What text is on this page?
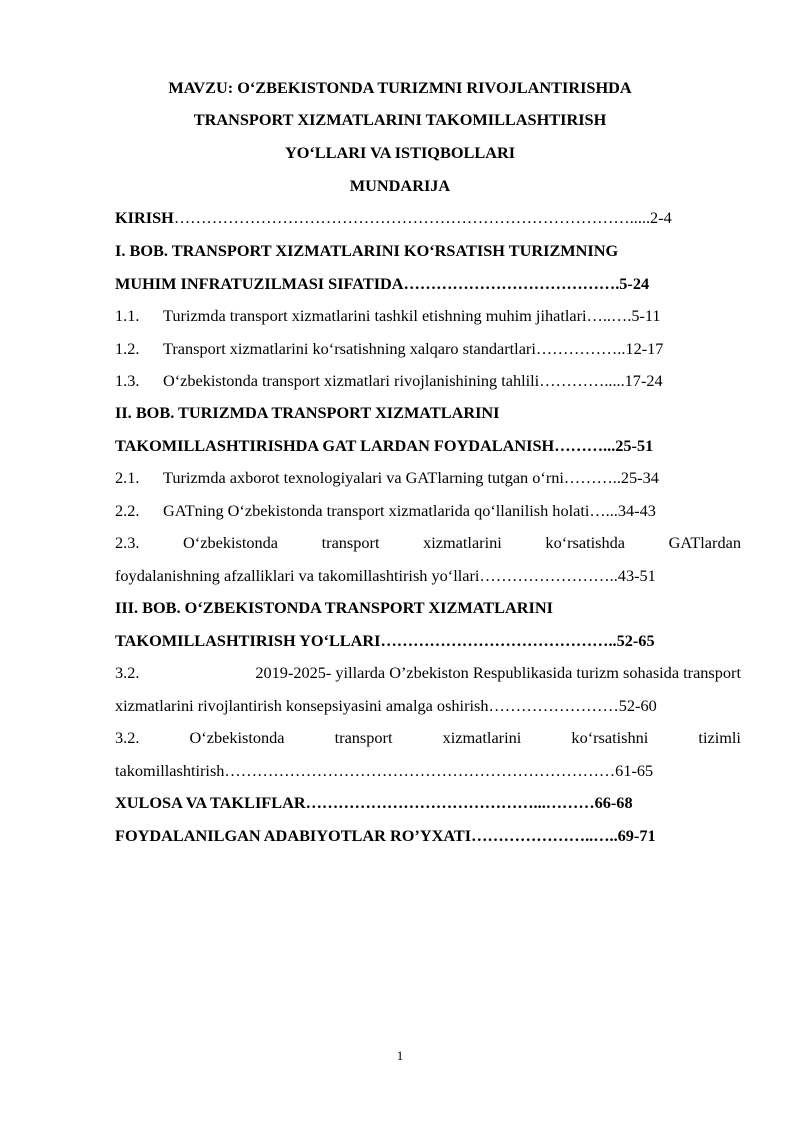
MAVZU: O‘ZBEKISTONDA TURIZMNI RIVOJLANTIRISHDA
TRANSPORT XIZMATLARINI TAKOMILLASHTIRISH
YO‘LLARI VA ISTIQBOLLARI
MUNDARIJA
KIRISH………………………………………………………………………….....2-4
I. BOB. TRANSPORT XIZMATLARINI KO‘RSATISH TURIZMNING
MUHIM INFRATUZILMASI SIFATIDA………………………………….5-24
1.1. Turizmda transport xizmatlarini tashkil etishning muhim jihatlari…..….5-11
1.2. Transport xizmatlarini ko‘rsatishning xalqaro standartlari……………..12-17
1.3. O‘zbekistonda transport xizmatlari rivojlanishining tahlili………….....17-24
II. BOB. TURIZMDA TRANSPORT XIZMATLARINI
TAKOMILLASHTIRISHDA GAT LARDAN FOYDALANISH………...25-51
2.1. Turizmda axborot texnologiyalari va GATlarning tutgan o‘rni………..25-34
2.2. GATning O‘zbekistonda transport xizmatlarida qo‘llanilish holati…...34-43
2.3.	O‘zbekistonda	transport	xizmatlarini	ko‘rsatishda	GATlardan
foydalanishning afzalliklari va takomillashtirish yo‘llari……………………..43-51
III. BOB. O‘ZBEKISTONDA TRANSPORT XIZMATLARINI
TAKOMILLASHTIRISH YO‘LLARI……………………………………..52-65
3.2.	2019-2025- yillarda O’zbekiston Respublikasida turizm sohasida transport
xizmatlarini rivojlantirish konsepsiyasini amalga oshirish……………………52-60
3.2.	O‘zbekistonda	transport	xizmatlarini	ko‘rsatishni	tizimli
takomillashtirish………………………………………………………………61-65
XULOSA VA TAKLIFLAR……………………………………...………66-68
FOYDALANILGAN ADABIYOTLAR RO’YXATI…………………..…..69-71
1
